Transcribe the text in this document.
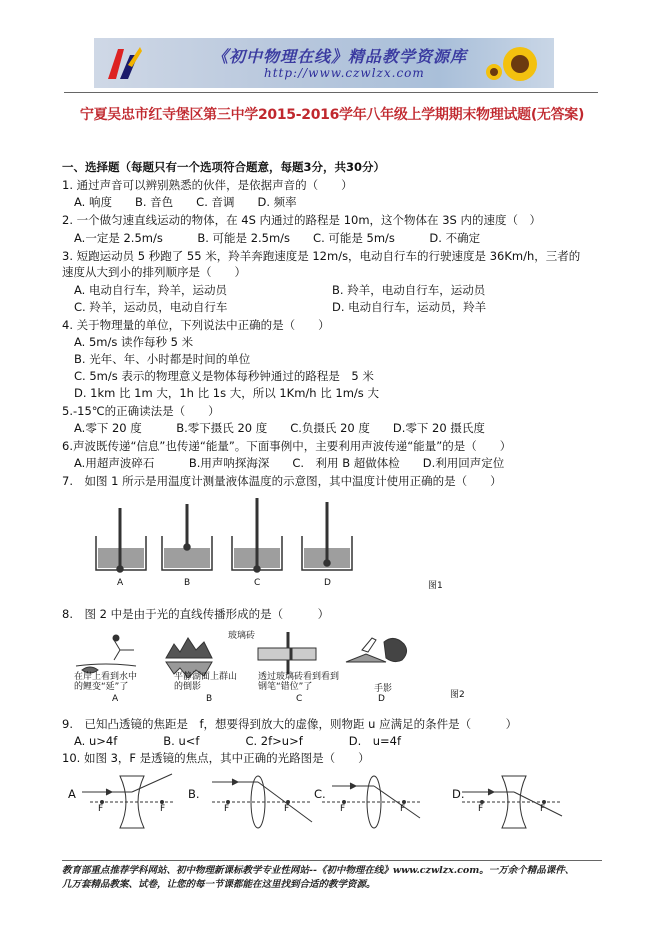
《初中物理在线》精品教学资源库
http://www.czwlzx.com
宁夏吴忠市红寺堡区第三中学2015-2016学年八年级上学期期末物理试题(无答案)
一、选择题（每题只有一个选项符合题意，每题3分，共30分）
1. 通过声音可以辨别熟悉的伙伴，是依据声音的（　　）
A. 响度　　B. 音色　　C. 音调　　D. 频率
2. 一个做匀速直线运动的物体，在 4S 内通过的路程是 10m，这个物体在 3S 内的速度（　）
A.一定是 2.5m/s　　　B. 可能是 2.5m/s　　C. 可能是 5m/s　　　D. 不确定
3. 短跑运动员 5 秒跑了 55 米，羚羊奔跑速度是 12m/s，电动自行车的行驶速度是 36Km/h，三者的
速度从大到小的排列顺序是（　　）
A. 电动自行车，羚羊，运动员	B. 羚羊，电动自行车，运动员
C. 羚羊，运动员，电动自行车	D. 电动自行车，运动员，羚羊
4. 关于物理量的单位，下列说法中正确的是（　　）
A. 5m/s 读作每秒 5 米
B. 光年、年、小时都是时间的单位
C. 5m/s 表示的物理意义是物体每秒钟通过的路程是　5 米
D. 1km 比 1m 大，1h 比 1s 大，所以 1Km/h 比 1m/s 大
5.-15℃的正确读法是（　　）
A.零下 20 度　　　B.零下摄氏 20 度　　C.负摄氏 20 度　　D.零下 20 摄氏度
6.声波既传递“信息”也传递“能量”。下面事例中，主要利用声波传递“能量”的是（　　）
A.用超声波碎石　　　B.用声呐探海深　　C.　利用 B 超做体检　　D.利用回声定位
7.　如图 1 所示是用温度计测量液体温度的示意图，其中温度计使用正确的是（　　）
A	B	C	D	图1
8.　图 2 中是由于光的直线传播形成的是（　　　）
玻璃砖
在岸上看到水中
的鲤变“延”了
平静湖面上群山
的倒影
透过玻璃砖看到看到
钢笔“错位”了	手影
A	B	C	D	图2
9.　已知凸透镜的焦距是　f，想要得到放大的虚像，则物距 u 应满足的条件是（　　　）
A. u>4f　　　　B. u<f　　　　C. 2f>u>f　　　　D.　u=4f
10. 如图 3，F 是透镜的焦点，其中正确的光路图是（　　）
A	B.	C.	D.
F	F	F	F	F	F	F	F
教育部重点推荐学科网站、初中物理新课标教学专业性网站--《初中物理在线》www.czwlzx.com。一万余个精品课件、
几万套精品教案、试卷，让您的每一节课都能在这里找到合适的教学资源。
